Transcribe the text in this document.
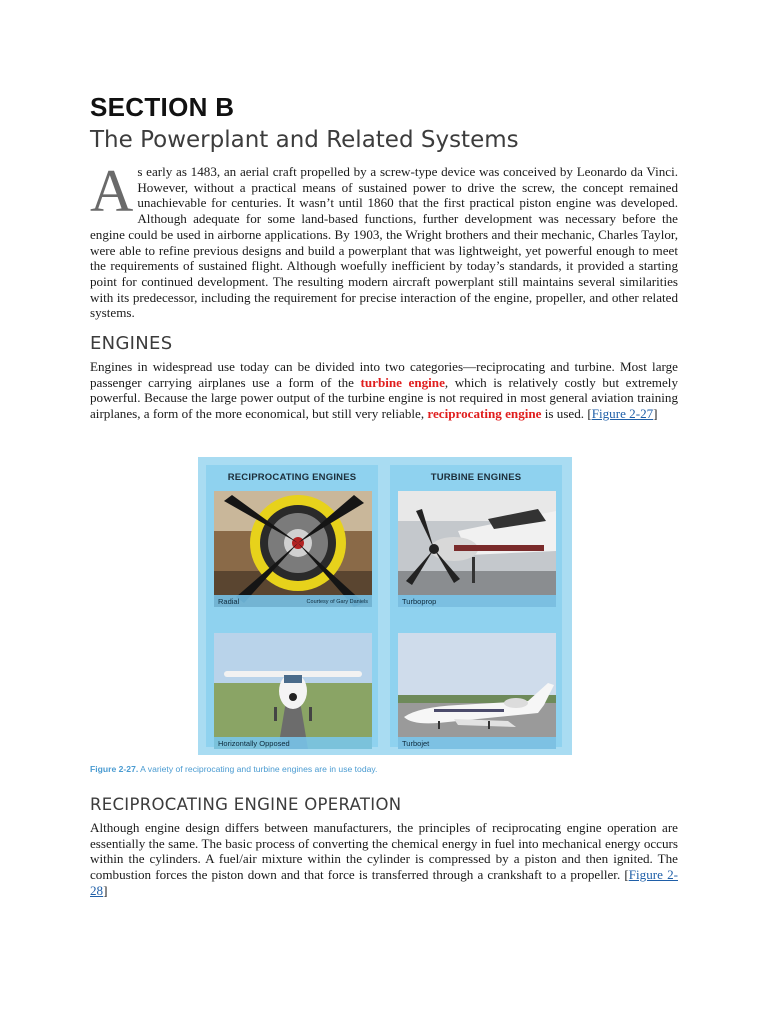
SECTION B
The Powerplant and Related Systems

As early as 1483, an aerial craft propelled by a screw-type device was conceived by Leonardo da Vinci. However, without a practical means of sustained power to drive the screw, the concept remained unachievable for centuries. It wasn’t until 1860 that the first practical piston engine was developed. Although adequate for some land-based functions, further development was necessary before the engine could be used in airborne applications. By 1903, the Wright brothers and their mechanic, Charles Taylor, were able to refine previous designs and build a powerplant that was lightweight, yet powerful enough to meet the requirements of sustained flight. Although woefully inefficient by today’s standards, it provided a starting point for continued development. The resulting modern aircraft powerplant still maintains several similarities with its predecessor, including the requirement for precise interaction of the engine, propeller, and other related systems.

ENGINES

Engines in widespread use today can be divided into two categories—reciprocating and turbine. Most large passenger carrying airplanes use a form of the turbine engine, which is relatively costly but extremely powerful. Because the large power output of the turbine engine is not required in most general aviation training airplanes, a form of the more economical, but still very reliable, reciprocating engine is used. [Figure 2-27]

RECIPROCATING ENGINES
Radial	Courtesy of Gary Daniels
Horizontally Opposed
TURBINE ENGINES
Turboprop
Turbojet
Figure 2-27. A variety of reciprocating and turbine engines are in use today.
RECIPROCATING ENGINE OPERATION

Although engine design differs between manufacturers, the principles of reciprocating engine operation are essentially the same. The basic process of converting the chemical energy in fuel into mechanical energy occurs within the cylinders. A fuel/air mixture within the cylinder is compressed by a piston and then ignited. The combustion forces the piston down and that force is transferred through a crankshaft to a propeller. [Figure 2-28]
